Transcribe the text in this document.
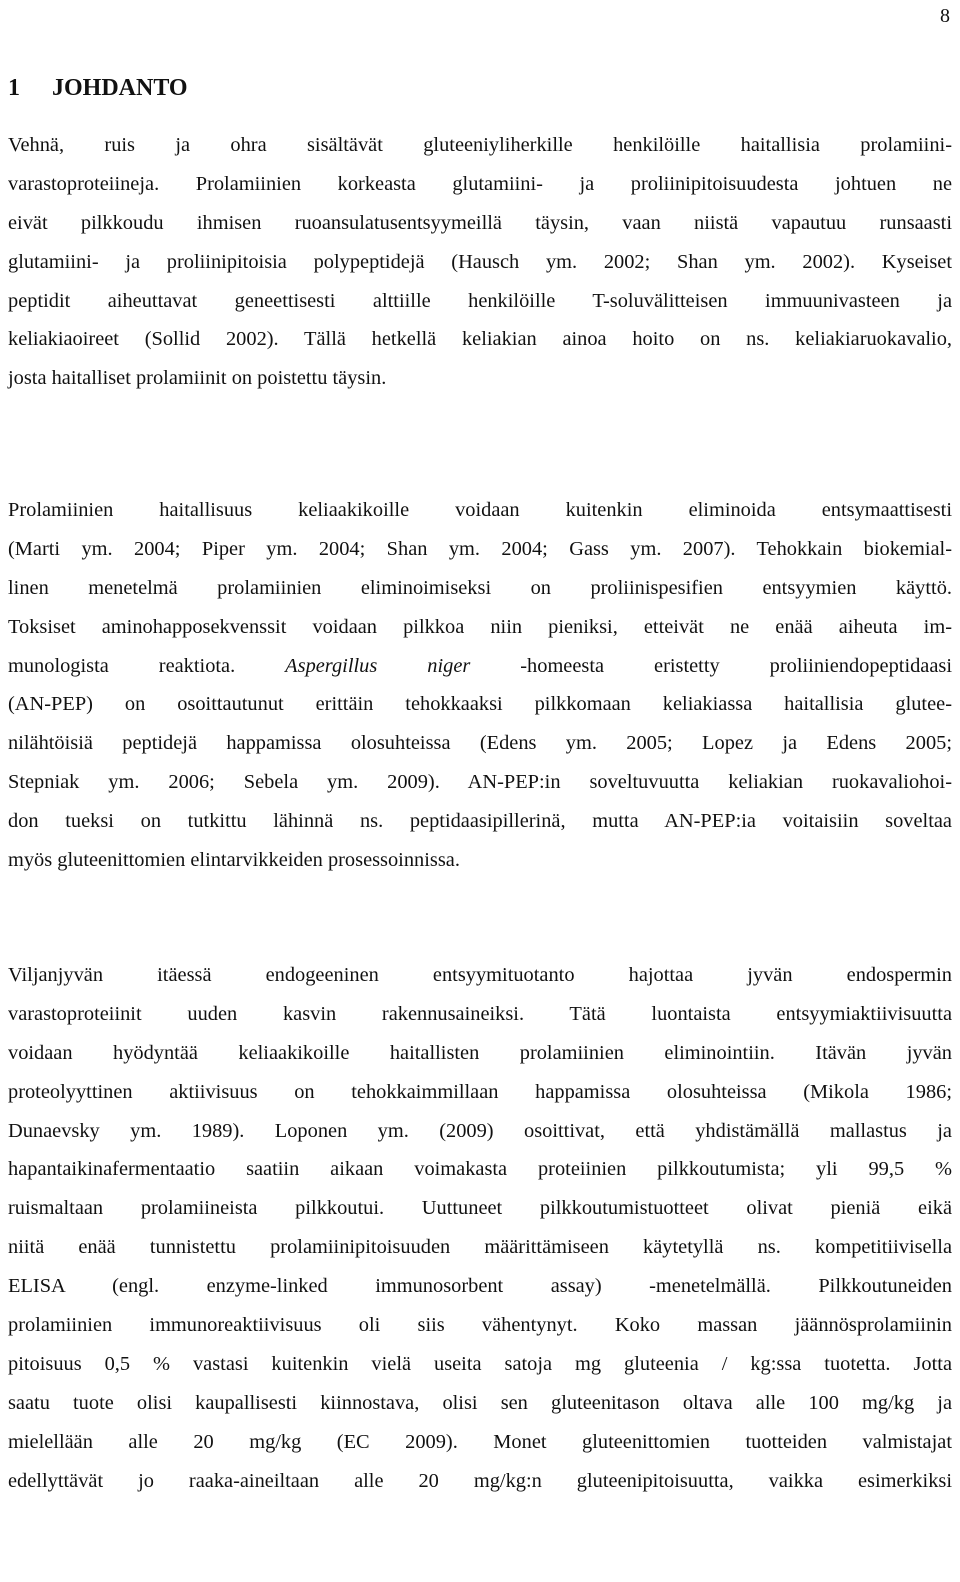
8
1 JOHDANTO
Vehnä, ruis ja ohra sisältävät gluteeniyliherkille henkilöille haitallisia prolamiini-
varastoproteiineja. Prolamiinien korkeasta glutamiini- ja proliinipitoisuudesta johtuen ne
eivät pilkkoudu ihmisen ruoansulatusentsyymeillä täysin, vaan niistä vapautuu runsaasti
glutamiini- ja proliinipitoisia polypeptidejä (Hausch ym. 2002; Shan ym. 2002). Kyseiset
peptidit aiheuttavat geneettisesti alttiille henkilöille T-soluvälitteisen immuunivasteen ja
keliakiaoireet (Sollid 2002). Tällä hetkellä keliakian ainoa hoito on ns. keliakiaruokavalio,
josta haitalliset prolamiinit on poistettu täysin.
Prolamiinien haitallisuus keliaakikoille voidaan kuitenkin eliminoida entsymaattisesti
(Marti ym. 2004; Piper ym. 2004; Shan ym. 2004; Gass ym. 2007). Tehokkain biokemial-
linen menetelmä prolamiinien eliminoimiseksi on proliinispesifien entsyymien käyttö.
Toksiset aminohapposekvenssit voidaan pilkkoa niin pieniksi, etteivät ne enää aiheuta im-
munologista reaktiota. Aspergillus niger -homeesta eristetty proliiniendopeptidaasi
(AN-PEP) on osoittautunut erittäin tehokkaaksi pilkkomaan keliakiassa haitallisia glutee-
nilähtöisiä peptidejä happamissa olosuhteissa (Edens ym. 2005; Lopez ja Edens 2005;
Stepniak ym. 2006; Sebela ym. 2009). AN-PEP:in soveltuvuutta keliakian ruokavaliohoi-
don tueksi on tutkittu lähinnä ns. peptidaasipillerinä, mutta AN-PEP:ia voitaisiin soveltaa
myös gluteenittomien elintarvikkeiden prosessoinnissa.
Viljanjyvän itäessä endogeeninen entsyymituotanto hajottaa jyvän endospermin
varastoproteiinit uuden kasvin rakennusaineiksi. Tätä luontaista entsyymiaktiivisuutta
voidaan hyödyntää keliaakikoille haitallisten prolamiinien eliminointiin. Itävän jyvän
proteolyyttinen aktiivisuus on tehokkaimmillaan happamissa olosuhteissa (Mikola 1986;
Dunaevsky ym. 1989). Loponen ym. (2009) osoittivat, että yhdistämällä mallastus ja
hapantaikinafermentaatio saatiin aikaan voimakasta proteiinien pilkkoutumista; yli 99,5 %
ruismaltaan prolamiineista pilkkoutui. Uuttuneet pilkkoutumistuotteet olivat pieniä eikä
niitä enää tunnistettu prolamiinipitoisuuden määrittämiseen käytetyllä ns. kompetitiivisella
ELISA (engl. enzyme-linked immunosorbent assay) -menetelmällä. Pilkkoutuneiden
prolamiinien immunoreaktiivisuus oli siis vähentynyt. Koko massan jäännösprolamiinin
pitoisuus 0,5 % vastasi kuitenkin vielä useita satoja mg gluteenia / kg:ssa tuotetta. Jotta
saatu tuote olisi kaupallisesti kiinnostava, olisi sen gluteenitason oltava alle 100 mg/kg ja
mielellään alle 20 mg/kg (EC 2009). Monet gluteenittomien tuotteiden valmistajat
edellyttävät jo raaka-aineiltaan alle 20 mg/kg:n gluteenipitoisuutta, vaikka esimerkiksi
